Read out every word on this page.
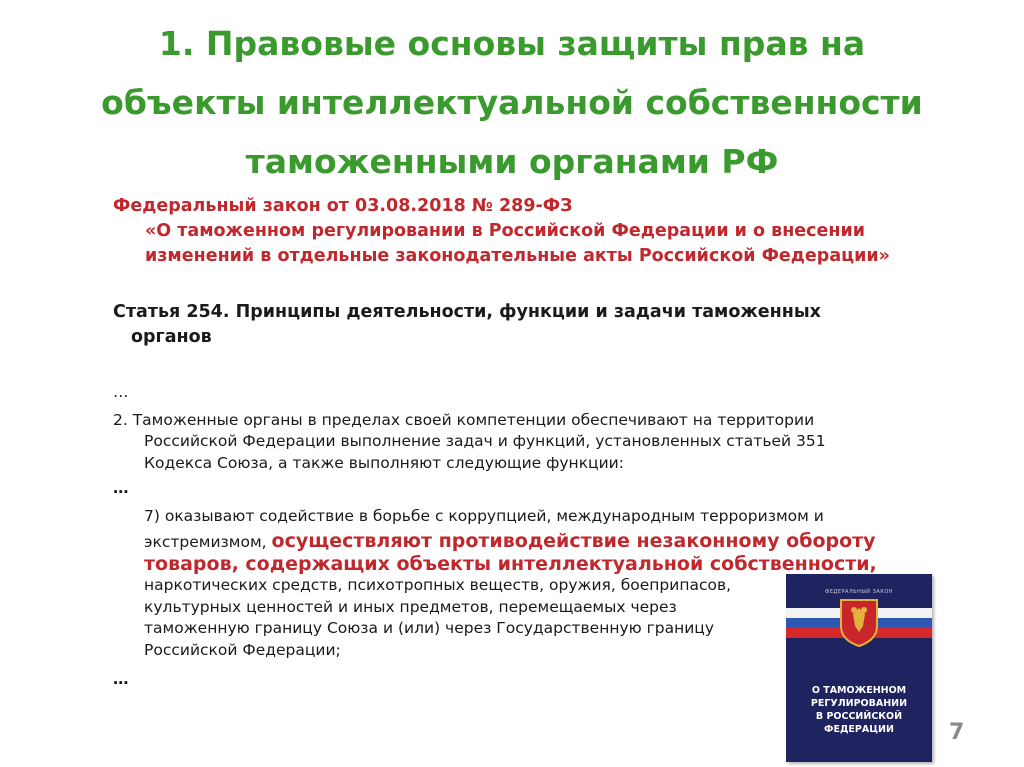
1. Правовые основы защиты прав на
объекты интеллектуальной собственности
таможенными органами РФ
Федеральный закон от 03.08.2018 № 289-ФЗ
«О таможенном регулировании в Российской Федерации и о внесении
изменений в отдельные законодательные акты Российской Федерации»
Статья 254. Принципы деятельности, функции и задачи таможенных
органов
…
2. Таможенные органы в пределах своей компетенции обеспечивают на территории
Российской Федерации выполнение задач и функций, установленных статьей 351
Кодекса Союза, а также выполняют следующие функции:
…
7) оказывают содействие в борьбе с коррупцией, международным терроризмом и
экстремизмом, осуществляют противодействие незаконному обороту
товаров, содержащих объекты интеллектуальной собственности,
наркотических средств, психотропных веществ, оружия, боеприпасов,
культурных ценностей и иных предметов, перемещаемых через
таможенную границу Союза и (или) через Государственную границу
Российской Федерации;
…
ФЕДЕРАЛЬНЫЙ ЗАКОН
О ТАМОЖЕННОМ
РЕГУЛИРОВАНИИ
В РОССИЙСКОЙ
ФЕДЕРАЦИИ	7
